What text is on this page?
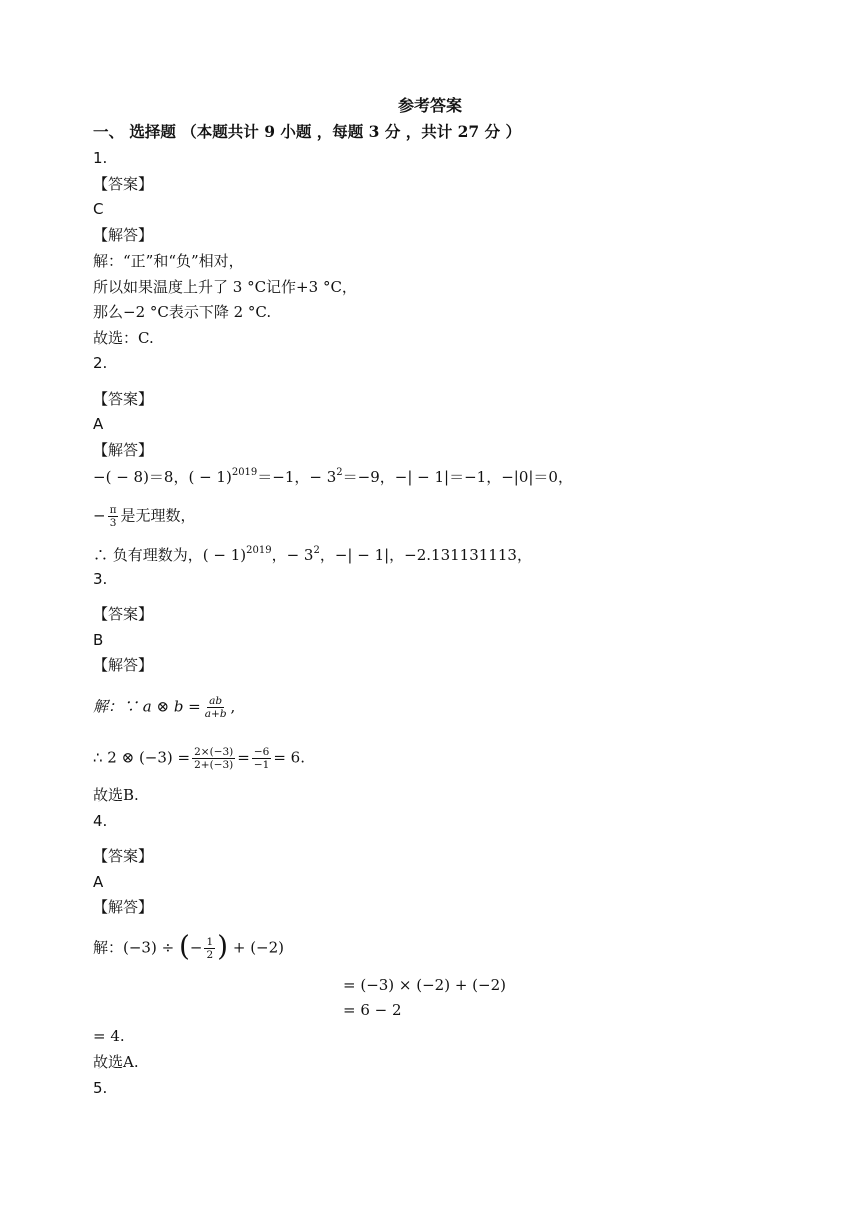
参考答案
一、 选择题 （本题共计 9 小题 ，每题 3 分 ，共计 27 分 ）
1.
【答案】
C
【解答】
解：“正”和“负”相对，
所以如果温度上升了 3 °C记作+3 °C，
那么−2 °C表示下降 2 °C.
故选：C.
2.
【答案】
A
【解答】
−( − 8)＝8，( − 1)$^{2019}$＝−1，− $3^2=-9$，−| − 1|＝−1，−|0|＝0，
− $\frac{\pi}{3}$ 是无理数，
∴ 负有理数为，( − 1)$^{2019}$，− $3^2$，−| − 1|，−2.131131113，
3.
【答案】
B
【解答】
解：∵ a ⊗ $b = \frac{ab}{a+b}$ ,
∴ 2 ⊗ $(-3) = \frac{2\times(-3)}{2+(-3)} = \frac{-6}{-1} = 6$.
故选B.
4.
【答案】
A
【解答】
解：(−3) ÷ (− $\frac{1}{2}$ ) + (−2)
= (−3) × (−2) + (−2)
= 6 − 2
= 4.
故选A.
5.
